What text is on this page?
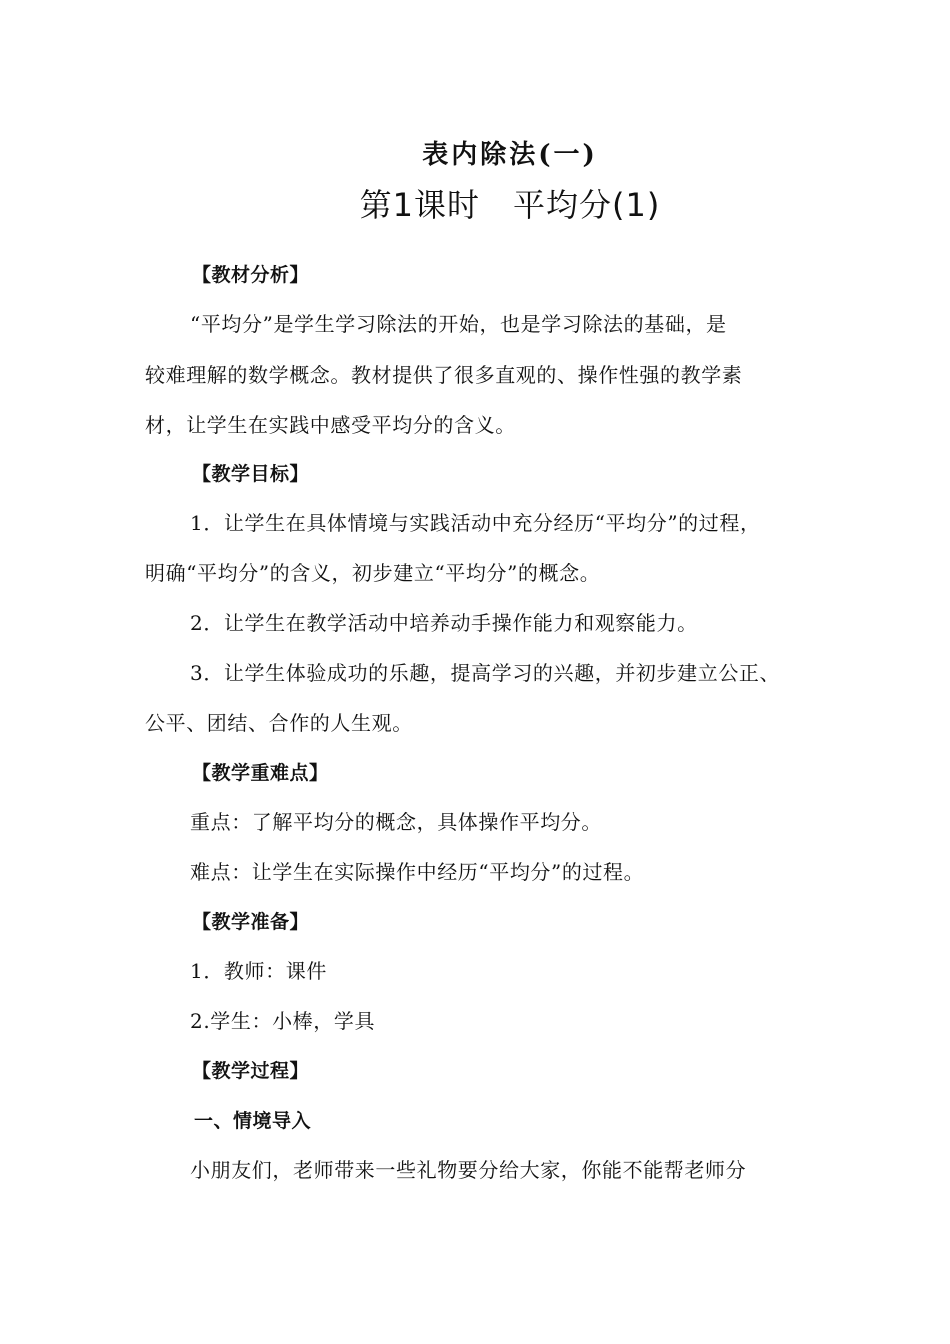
表内除法(一)
第1课时　平均分(1)
【教材分析】
“平均分”是学生学习除法的开始，也是学习除法的基础，是
较难理解的数学概念。教材提供了很多直观的、操作性强的教学素
材，让学生在实践中感受平均分的含义。
【教学目标】
1．让学生在具体情境与实践活动中充分经历“平均分”的过程，
明确“平均分”的含义，初步建立“平均分”的概念。
2．让学生在教学活动中培养动手操作能力和观察能力。
3．让学生体验成功的乐趣，提高学习的兴趣，并初步建立公正、
公平、团结、合作的人生观。
【教学重难点】
重点：了解平均分的概念，具体操作平均分。
难点：让学生在实际操作中经历“平均分”的过程。
【教学准备】
1．教师：课件
2.学生：小棒，学具
【教学过程】
一、情境导入
小朋友们，老师带来一些礼物要分给大家，你能不能帮老师分
